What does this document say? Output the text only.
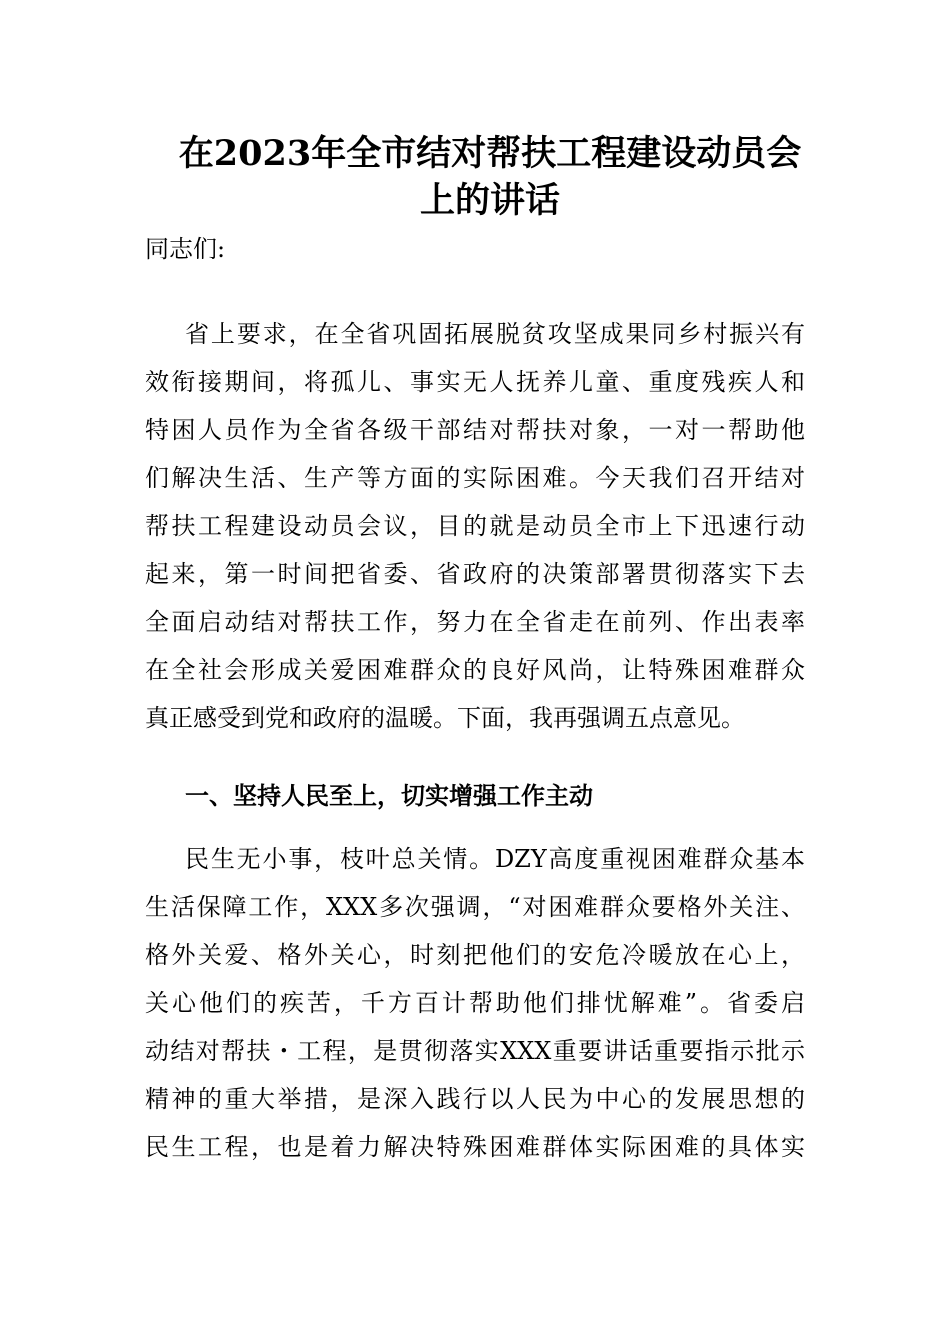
在2023年全市结对帮扶工程建设动员会
上的讲话
同志们:
省上要求，在全省巩固拓展脱贫攻坚成果同乡村振兴有
效衔接期间，将孤儿、事实无人抚养儿童、重度残疾人和
特困人员作为全省各级干部结对帮扶对象，一对一帮助他
们解决生活、生产等方面的实际困难。今天我们召开结对
帮扶工程建设动员会议，目的就是动员全市上下迅速行动
起来，第一时间把省委、省政府的决策部署贯彻落实下去
全面启动结对帮扶工作，努力在全省走在前列、作出表率
在全社会形成关爱困难群众的良好风尚，让特殊困难群众
真正感受到党和政府的温暖。下面，我再强调五点意见。
一、坚持人民至上，切实增强工作主动
民生无小事，枝叶总关情。DZY高度重视困难群众基本
生活保障工作，XXX多次强调，“对困难群众要格外关注、
格外关爱、格外关心，时刻把他们的安危冷暖放在心上，
关心他们的疾苦，千方百计帮助他们排忧解难”。省委启
动结对帮扶・工程，是贯彻落实XXX重要讲话重要指示批示
精神的重大举措，是深入践行以人民为中心的发展思想的
民生工程，也是着力解决特殊困难群体实际困难的具体实
